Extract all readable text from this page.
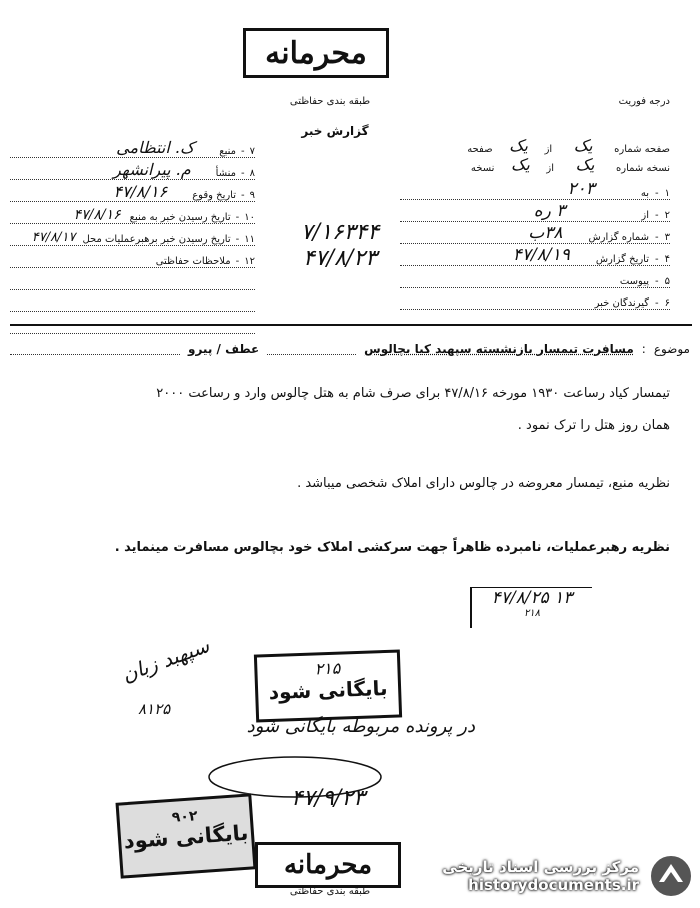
محرمانه
طبقه بندی حفاظتی
گزارش خبر
درجه فوریت
صفحه شماره
یک
از
یک
صفحه
نسخه شماره
یک
از
یک
نسخه
۱
-
به
۲۰۳
۲
-
از
۳ ره
۳
-
شماره گزارش
۳۸ب
۴
-
تاریخ گزارش
۴۷/۸/۱۹
۵
-
پیوست
۶
-
گیرندگان خبر
۷
-
منبع
ک. انتظامی
۸
-
منشأ
م. پیرانشهر
۹
-
تاریخ وقوع
۴۷/۸/۱۶
۱۰
-
تاریخ رسیدن خبر به منبع
۴۷/۸/۱۶
۱۱
-
تاریخ رسیدن خبر برهبرعملیات محل
۴۷/۸/۱۷
۱۲
-
ملاحظات حفاظتی
۷/۱۶۳۴۴
۴۷/۸/۲۳
موضوع
:
مسافرت تیمسار بازنشسته سپهبد کیا بچالوس
عطف / پیرو
تیمسار کیاد رساعت ۱۹۳۰ مورخه ۴۷/۸/۱۶ برای صرف شام به هتل چالوس وارد و رساعت ۲۰۰۰
همان روز هتل را ترک نمود .
نظریه منبع، تیمسار معروضه در چالوس دارای املاک شخصی میباشد .
نظریه رهبرعملیات، نامبرده ظاهراً جهت سرکشی املاک خود بچالوس مسافرت مینماید .
۴۷/۸/۲۵ ۱۳
۲۱۸
سپهبد زبان
۸۱۲۵
۲۱۵
بایگانی شود
در پرونده مربوطه بایگانی شود
۴۷/۹/۲۳
۹۰۲
بایگانی شود
محرمانه
طبقه بندی حفاظتی
مرکز بررسی اسناد تاریخی
historydocuments.ir
